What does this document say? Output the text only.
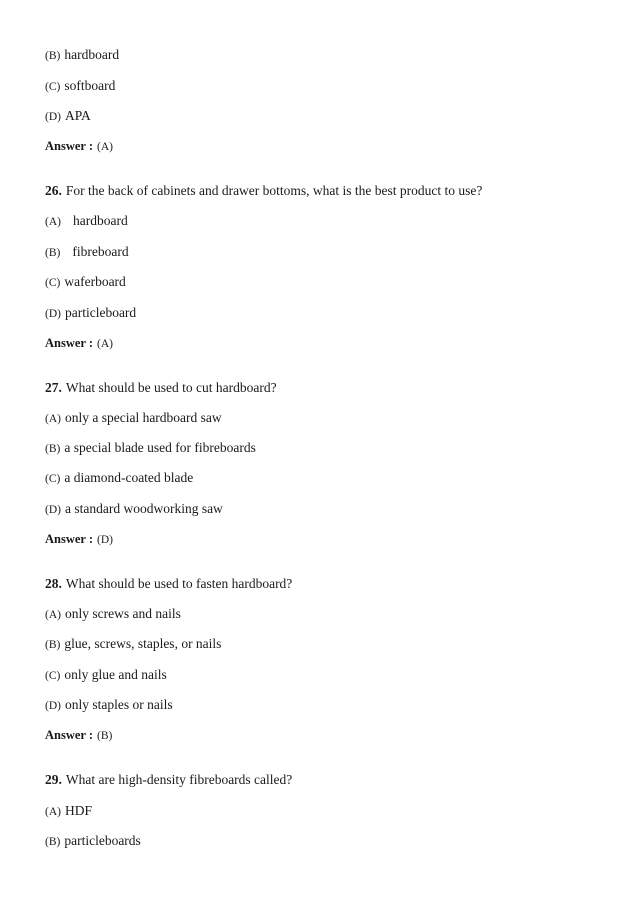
(B) hardboard
(C) softboard
(D) APA
Answer : (A)
26. For the back of cabinets and drawer bottoms, what is the best product to use?
(A) hardboard
(B) fibreboard
(C) waferboard
(D) particleboard
Answer : (A)
27. What should be used to cut hardboard?
(A) only a special hardboard saw
(B) a special blade used for fibreboards
(C) a diamond-coated blade
(D) a standard woodworking saw
Answer : (D)
28. What should be used to fasten hardboard?
(A) only screws and nails
(B) glue, screws, staples, or nails
(C) only glue and nails
(D) only staples or nails
Answer : (B)
29. What are high-density fibreboards called?
(A) HDF
(B) particleboards
